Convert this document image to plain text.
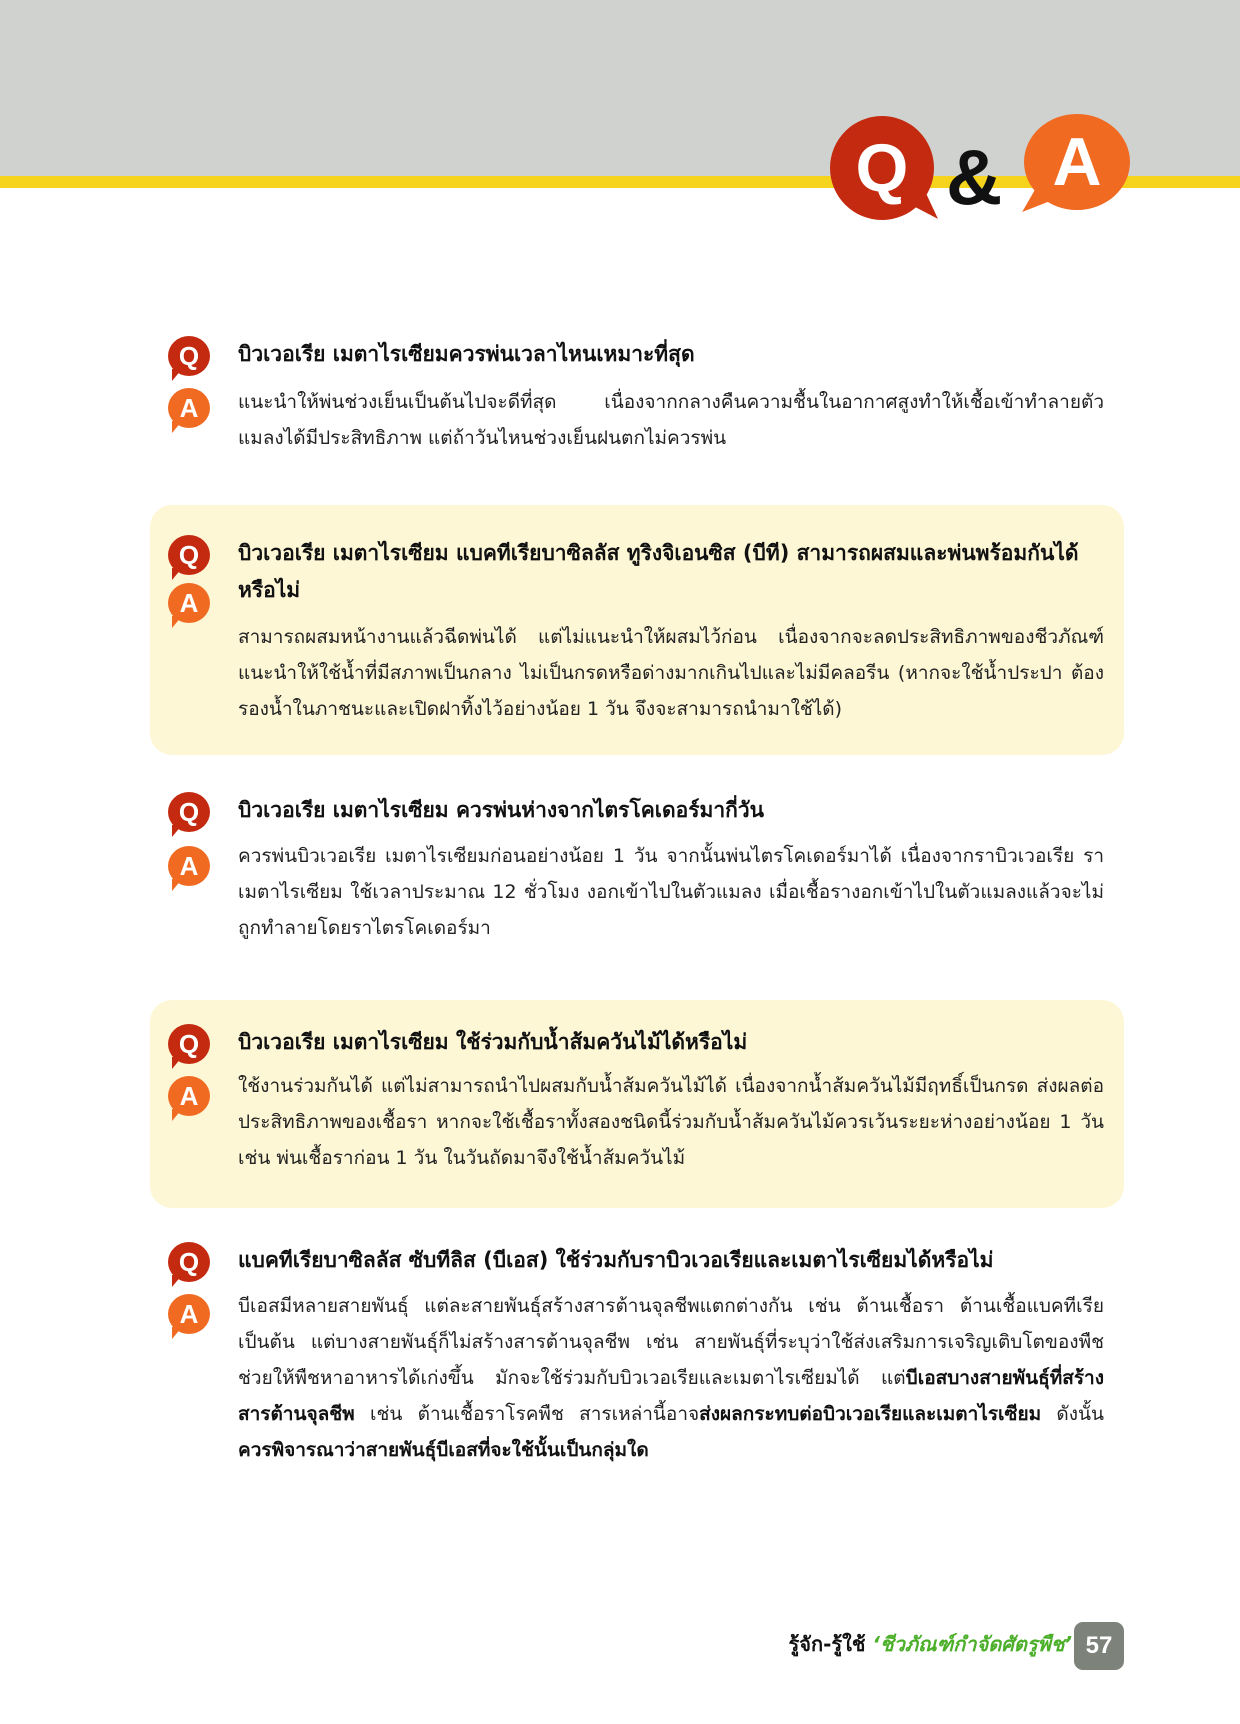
Q & A
Q	บิวเวอเรีย เมตาไรเซียมควรพ่นเวลาไหนเหมาะที่สุด
A	แนะนำให้พ่นช่วงเย็นเป็นต้นไปจะดีที่สุด เนื่องจากกลางคืนความชื้นในอากาศสูงทำให้เชื้อเข้าทำลายตัวแมลงได้มีประสิทธิภาพ แต่ถ้าวันไหนช่วงเย็นฝนตกไม่ควรพ่น
Q	บิวเวอเรีย เมตาไรเซียม แบคทีเรียบาซิลลัส ทูริงจิเอนซิส (บีที) สามารถผสมและพ่นพร้อมกันได้หรือไม่
A
สามารถผสมหน้างานแล้วฉีดพ่นได้ แต่ไม่แนะนำให้ผสมไว้ก่อน เนื่องจากจะลดประสิทธิภาพของชีวภัณฑ์ แนะนำให้ใช้น้ำที่มีสภาพเป็นกลาง ไม่เป็นกรดหรือด่างมากเกินไปและไม่มีคลอรีน (หากจะใช้น้ำประปา ต้องรองน้ำในภาชนะและเปิดฝาทิ้งไว้อย่างน้อย 1 วัน จึงจะสามารถนำมาใช้ได้)
Q	บิวเวอเรีย เมตาไรเซียม ควรพ่นห่างจากไตรโคเดอร์มากี่วัน
A	ควรพ่นบิวเวอเรีย เมตาไรเซียมก่อนอย่างน้อย 1 วัน จากนั้นพ่นไตรโคเดอร์มาได้ เนื่องจากราบิวเวอเรีย ราเมตาไรเซียม ใช้เวลาประมาณ 12 ชั่วโมง งอกเข้าไปในตัวแมลง เมื่อเชื้อรางอกเข้าไปในตัวแมลงแล้วจะไม่ถูกทำลายโดยราไตรโคเดอร์มา
Q	บิวเวอเรีย เมตาไรเซียม ใช้ร่วมกับน้ำส้มควันไม้ได้หรือไม่
A	ใช้งานร่วมกันได้ แต่ไม่สามารถนำไปผสมกับน้ำส้มควันไม้ได้ เนื่องจากน้ำส้มควันไม้มีฤทธิ์เป็นกรด ส่งผลต่อประสิทธิภาพของเชื้อรา หากจะใช้เชื้อราทั้งสองชนิดนี้ร่วมกับน้ำส้มควันไม้ควรเว้นระยะห่างอย่างน้อย 1 วัน เช่น พ่นเชื้อราก่อน 1 วัน ในวันถัดมาจึงใช้น้ำส้มควันไม้
Q	แบคทีเรียบาซิลลัส ซับทีลิส (บีเอส) ใช้ร่วมกับราบิวเวอเรียและเมตาไรเซียมได้หรือไม่
A	บีเอสมีหลายสายพันธุ์ แต่ละสายพันธุ์สร้างสารต้านจุลชีพแตกต่างกัน เช่น ต้านเชื้อรา ต้านเชื้อแบคทีเรีย เป็นต้น แต่บางสายพันธุ์ก็ไม่สร้างสารต้านจุลชีพ เช่น สายพันธุ์ที่ระบุว่าใช้ส่งเสริมการเจริญเติบโตของพืช ช่วยให้พืชหาอาหารได้เก่งขึ้น มักจะใช้ร่วมกับบิวเวอเรียและเมตาไรเซียมได้ แต่บีเอสบางสายพันธุ์ที่สร้างสารต้านจุลชีพ เช่น ต้านเชื้อราโรคพืช สารเหล่านี้อาจส่งผลกระทบต่อบิวเวอเรียและเมตาไรเซียม ดังนั้น ควรพิจารณาว่าสายพันธุ์บีเอสที่จะใช้นั้นเป็นกลุ่มใด
รู้จัก-รู้ใช้ ‘ชีวภัณฑ์กำจัดศัตรูพืช’ 57
